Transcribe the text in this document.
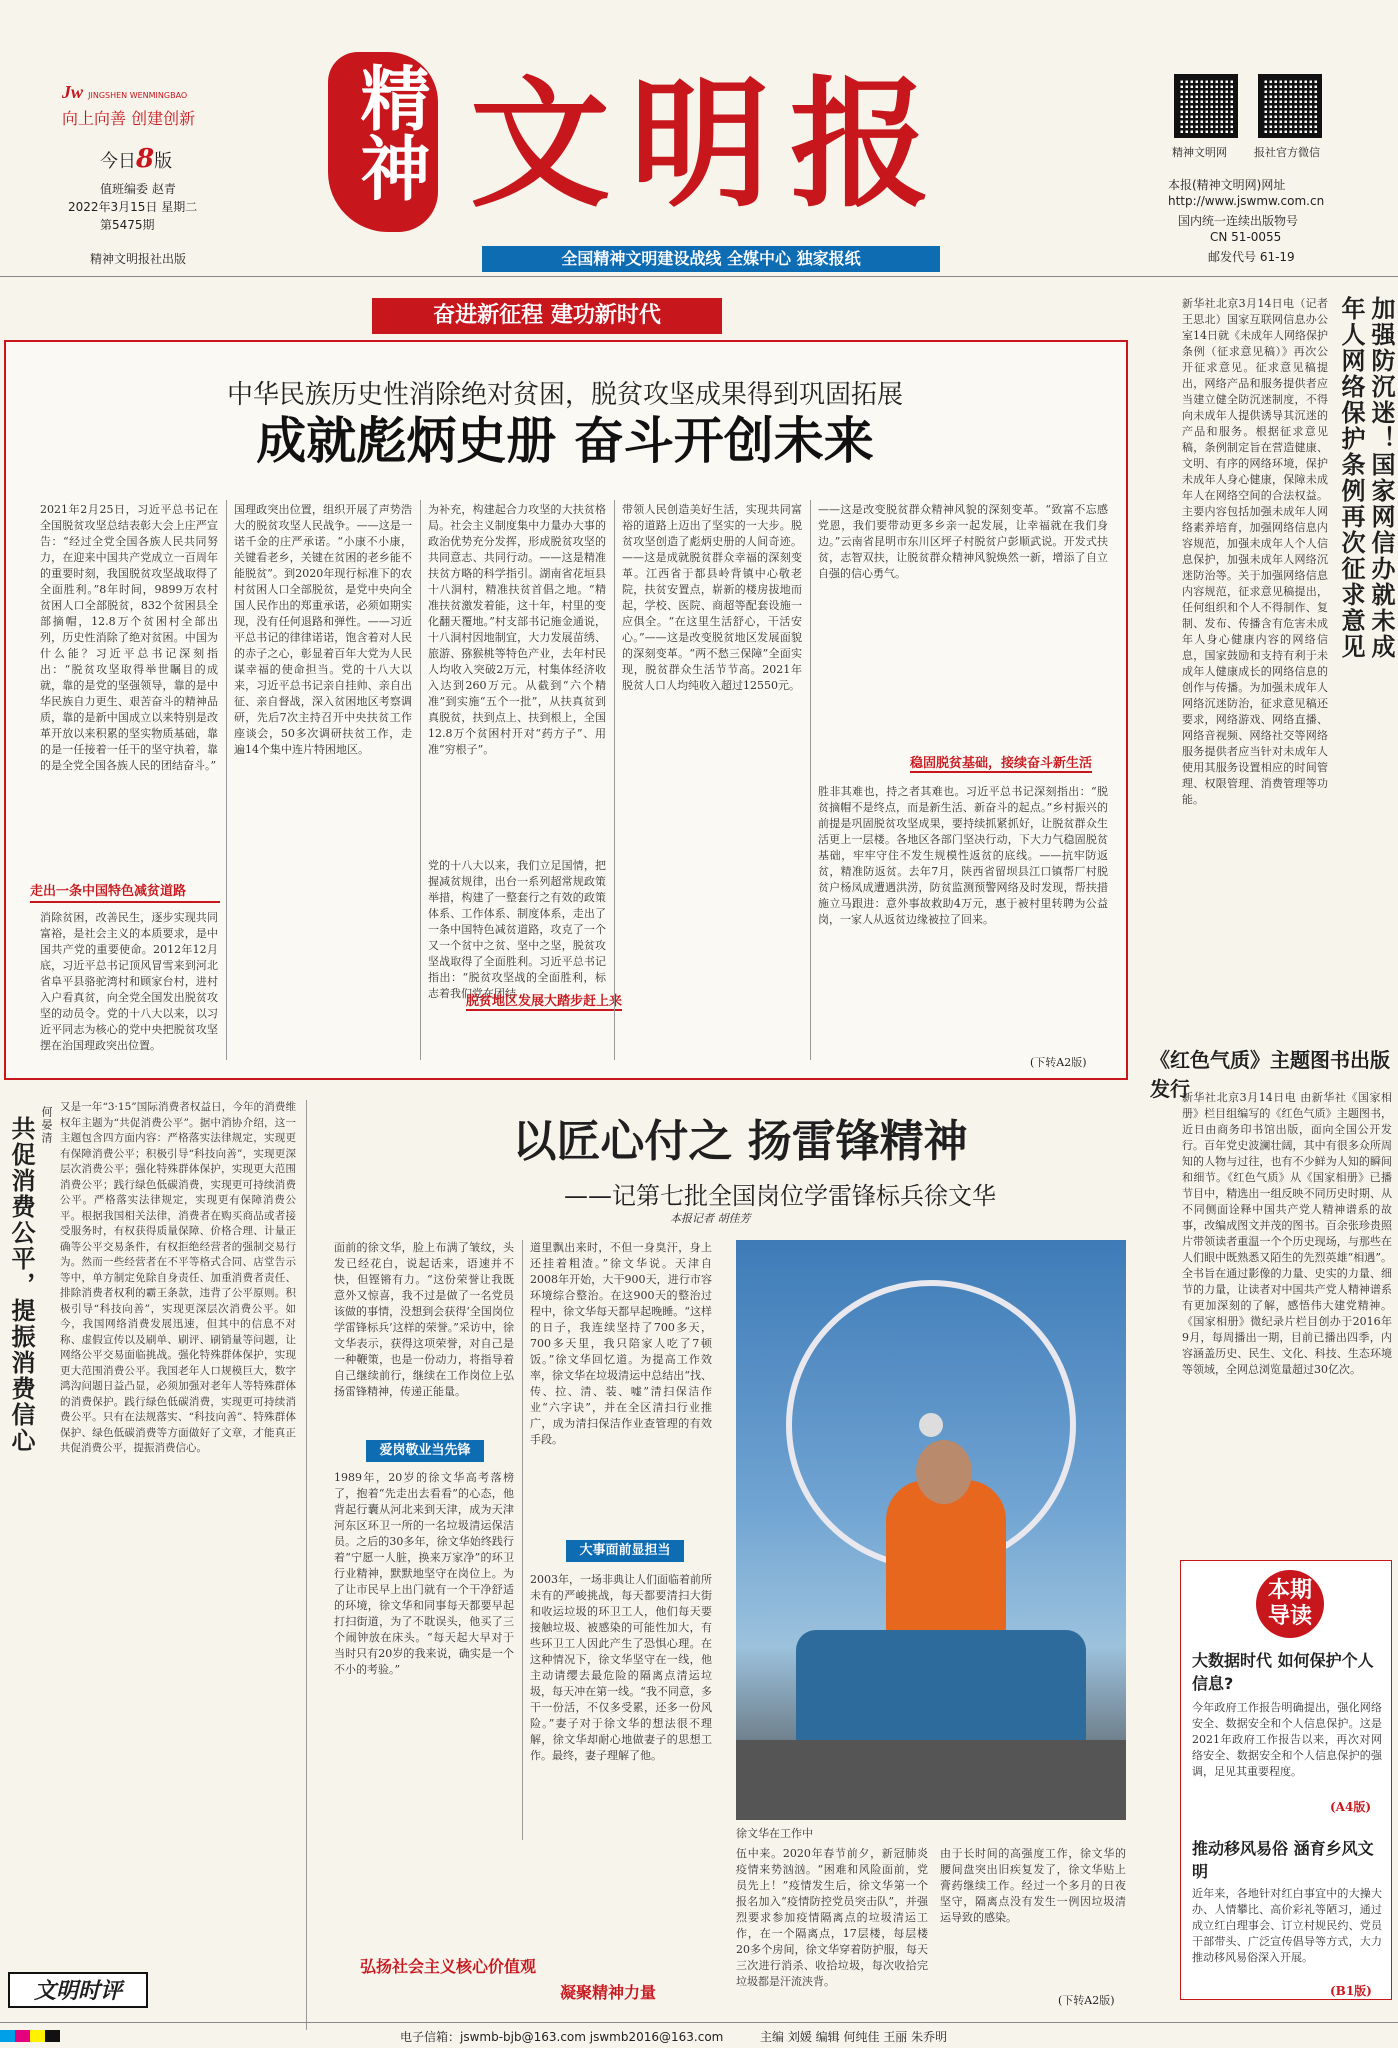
Jw JINGSHEN WENMINGBAO
向上向善 创建创新
今日8版
值班编委 赵青
2022年3月15日 星期二
第5475期
精神文明报社出版
精神 文明报
全国精神文明建设战线 全媒中心 独家报纸
精神文明网 报社官方微信
本报(精神文明网)网址
http://www.jswmw.com.cn
国内统一连续出版物号
CN 51-0055
邮发代号 61-19
奋进新征程 建功新时代
中华民族历史性消除绝对贫困，脱贫攻坚成果得到巩固拓展
成就彪炳史册 奋斗开创未来
2021年2月25日，习近平总书记在全国脱贫攻坚总结表彰大会上庄严宣告：“经过全党全国各族人民共同努力，在迎来中国共产党成立一百周年的重要时刻，我国脱贫攻坚战取得了全面胜利。”8年时间，9899万农村贫困人口全部脱贫，832个贫困县全部摘帽，12.8万个贫困村全部出列，历史性消除了绝对贫困。中国为什么能？习近平总书记深刻指出：“脱贫攻坚取得举世瞩目的成就，靠的是党的坚强领导，靠的是中华民族自力更生、艰苦奋斗的精神品质，靠的是新中国成立以来特别是改革开放以来积累的坚实物质基础，靠的是一任接着一任干的坚守执着，靠的是全党全国各族人民的团结奋斗。”
走出一条中国特色减贫道路
消除贫困，改善民生，逐步实现共同富裕，是社会主义的本质要求，是中国共产党的重要使命。2012年12月底，习近平总书记顶风冒雪来到河北省阜平县骆驼湾村和顾家台村，进村入户看真贫，向全党全国发出脱贫攻坚的动员令。党的十八大以来，以习近平同志为核心的党中央把脱贫攻坚摆在治国理政突出位置。
国理政突出位置，组织开展了声势浩大的脱贫攻坚人民战争。——这是一诺千金的庄严承诺。“小康不小康，关键看老乡，关键在贫困的老乡能不能脱贫”。到2020年现行标准下的农村贫困人口全部脱贫，是党中央向全国人民作出的郑重承诺，必须如期实现，没有任何退路和弹性。——习近平总书记的律律诺诺，饱含着对人民的赤子之心，彰显着百年大党为人民谋幸福的使命担当。党的十八大以来，习近平总书记亲自挂帅、亲自出征、亲自督战，深入贫困地区考察调研，先后7次主持召开中央扶贫工作座谈会，50多次调研扶贫工作，走遍14个集中连片特困地区。
为补充，构建起合力攻坚的大扶贫格局。社会主义制度集中力量办大事的政治优势充分发挥，形成脱贫攻坚的共同意志、共同行动。——这是精准扶贫方略的科学指引。湖南省花垣县十八洞村，精准扶贫首倡之地。“精准扶贫激发着能，这十年，村里的变化翻天覆地。”村支部书记施金通说，十八洞村因地制宜，大力发展苗绣、旅游、猕猴桃等特色产业，去年村民人均收入突破2万元，村集体经济收入达到260万元。从截到“六个精准”到实施“五个一批”，从扶真贫到真脱贫，扶到点上、扶到根上，全国12.8万个贫困村开对“药方子”、用准“穷根子”。
党的十八大以来，我们立足国情，把握减贫规律，出台一系列超常规政策举措，构建了一整套行之有效的政策体系、工作体系、制度体系，走出了一条中国特色减贫道路，攻克了一个又一个贫中之贫、坚中之坚，脱贫攻坚战取得了全面胜利。习近平总书记指出：“脱贫攻坚战的全面胜利，标志着我们党在团结
脱贫地区发展大踏步赶上来
带领人民创造美好生活，实现共同富裕的道路上迈出了坚实的一大步。脱贫攻坚创造了彪炳史册的人间奇迹。——这是成就脱贫群众幸福的深刻变革。江西省于都县岭背镇中心敬老院，扶贫安置点，崭新的楼房拔地而起，学校、医院、商超等配套设施一应俱全。“在这里生活舒心，干活安心。”——这是改变脱贫地区发展面貌的深刻变革。“两不愁三保障”全面实现，脱贫群众生活节节高。2021年脱贫人口人均纯收入超过12550元。
——这是改变脱贫群众精神风貌的深刻变革。“致富不忘感党恩，我们要带动更多乡亲一起发展，让幸福就在我们身边。”云南省昆明市东川区坪子村脱贫户彭顺武说。开发式扶贫，志智双扶，让脱贫群众精神风貌焕然一新，增添了自立自强的信心勇气。
稳固脱贫基础，接续奋斗新生活
胜非其难也，持之者其难也。习近平总书记深刻指出：“脱贫摘帽不是终点，而是新生活、新奋斗的起点。”乡村振兴的前提是巩固脱贫攻坚成果，要持续抓紧抓好，让脱贫群众生活更上一层楼。各地区各部门坚决行动，下大力气稳固脱贫基础，牢牢守住不发生规模性返贫的底线。——抗牢防返贫，精准防返贫。去年7月，陕西省留坝县江口镇帮厂村脱贫户杨凤成遭遇洪涝，防贫监测预警网络及时发现，帮扶措施立马跟进：意外事故救助4万元，惠于被村里转聘为公益岗，一家人从返贫边缘被拉了回来。
(下转A2版)
加强防沉迷！国家网信办就未成年人网络保护条例再次征求意见
新华社北京3月14日电（记者 王思北）国家互联网信息办公室14日就《未成年人网络保护条例（征求意见稿）》再次公开征求意见。征求意见稿提出，网络产品和服务提供者应当建立健全防沉迷制度，不得向未成年人提供诱导其沉迷的产品和服务。根据征求意见稿，条例制定旨在营造健康、文明、有序的网络环境，保护未成年人身心健康，保障未成年人在网络空间的合法权益。主要内容包括加强未成年人网络素养培育，加强网络信息内容规范，加强未成年人个人信息保护，加强未成年人网络沉迷防治等。关于加强网络信息内容规范，征求意见稿提出，任何组织和个人不得制作、复制、发布、传播含有危害未成年人身心健康内容的网络信息，国家鼓励和支持有利于未成年人健康成长的网络信息的创作与传播。为加强未成年人网络沉迷防治，征求意见稿还要求，网络游戏、网络直播、网络音视频、网络社交等网络服务提供者应当针对未成年人使用其服务设置相应的时间管理、权限管理、消费管理等功能。
《红色气质》主题图书出版发行
新华社北京3月14日电 由新华社《国家相册》栏目组编写的《红色气质》主题图书，近日由商务印书馆出版，面向全国公开发行。百年党史波澜壮阔，其中有很多众所周知的人物与过往，也有不少鲜为人知的瞬间和细节。《红色气质》从《国家相册》已播节目中，精选出一组反映不同历史时期、从不同侧面诠释中国共产党人精神谱系的故事，改编成图文并茂的图书。百余张珍贵照片带领读者重温一个个历史现场，与那些在人们眼中既熟悉又陌生的先烈英雄“相遇”。全书旨在通过影像的力量、史实的力量、细节的力量，让读者对中国共产党人精神谱系有更加深刻的了解，感悟伟大建党精神。《国家相册》微纪录片栏目创办于2016年9月，每周播出一期，目前已播出四季，内容涵盖历史、民生、文化、科技、生态环境等领域，全网总浏览量超过30亿次。
本期导读
大数据时代 如何保护个人信息?
今年政府工作报告明确提出，强化网络安全、数据安全和个人信息保护。这是2021年政府工作报告以来，再次对网络安全、数据安全和个人信息保护的强调，足见其重要程度。
(A4版)
推动移风易俗 涵育乡风文明
近年来，各地针对红白事宜中的大操大办、人情攀比、高价彩礼等陋习，通过成立红白理事会、订立村规民约、党员干部带头、广泛宣传倡导等方式，大力推动移风易俗深入开展。
(B1版)
共促消费公平，提振消费信心 何晏清 又是一年“3·15”国际消费者权益日，今年的消费维权年主题为“共促消费公平”。据中消协介绍，这一主题包含四方面内容：严格落实法律规定，实现更有保障消费公平；积极引导“科技向善”，实现更深层次消费公平；强化特殊群体保护，实现更大范围消费公平；践行绿色低碳消费，实现更可持续消费公平。严格落实法律规定，实现更有保障消费公平。根据我国相关法律，消费者在购买商品或者接受服务时，有权获得质量保障、价格合理、计量正确等公平交易条件，有权拒绝经营者的强制交易行为。然而一些经营者在不平等格式合同、店堂告示等中，单方制定免除自身责任、加重消费者责任、排除消费者权利的霸王条款，违背了公平原则。积极引导“科技向善”，实现更深层次消费公平。如今，我国网络消费发展迅速，但其中的信息不对称、虚假宣传以及刷单、刷评、刷销量等问题，让网络公平交易面临挑战。强化特殊群体保护，实现更大范围消费公平。我国老年人口规模巨大，数字鸿沟问题日益凸显，必须加强对老年人等特殊群体的消费保护。践行绿色低碳消费，实现更可持续消费公平。只有在法规落实、“科技向善”、特殊群体保护、绿色低碳消费等方面做好了文章，才能真正共促消费公平，提振消费信心。
文明时评
以匠心付之 扬雷锋精神
——记第七批全国岗位学雷锋标兵徐文华
本报记者 胡佳芳
面前的徐文华，脸上布满了皱纹，头发已经花白，说起话来，语速并不快，但铿锵有力。“这份荣誉让我既意外又惊喜，我不过是做了一名党员该做的事情，没想到会获得‘全国岗位学雷锋标兵’这样的荣誉。”采访中，徐文华表示，获得这项荣誉，对自己是一种鞭策，也是一份动力，将指导着自己继续前行，继续在工作岗位上弘扬雷锋精神，传递正能量。
爱岗敬业当先锋
1989年，20岁的徐文华高考落榜了，抱着“先走出去看看”的心态，他背起行囊从河北来到天津，成为天津河东区环卫一所的一名垃圾清运保洁员。之后的30多年，徐文华始终践行着“宁愿一人脏，换来万家净”的环卫行业精神，默默地坚守在岗位上。为了让市民早上出门就有一个干净舒适的环境，徐文华和同事每天都要早起打扫街道，为了不耽误头，他买了三个闹钟放在床头。“每天起大早对于当时只有20岁的我来说，确实是一个不小的考验。”
道里飘出来时，不但一身臭汗，身上还挂着粗渣。”徐文华说。天津自2008年开始，大干900天，进行市容环境综合整治。在这900天的整治过程中，徐文华每天都早起晚睡。“这样的日子，我连续坚持了700多天，700多天里，我只陪家人吃了7顿饭。”徐文华回忆道。为提高工作效率，徐文华在垃圾清运中总结出“找、传、拉、清、装、嘘”清扫保洁作业“六字诀”，并在全区清扫行业推广，成为清扫保洁作业查管理的有效手段。
大事面前显担当
2003年，一场非典让人们面临着前所未有的严峻挑战，每天都要清扫大街和收运垃圾的环卫工人，他们每天要接触垃圾、被感染的可能性加大，有些环卫工人因此产生了恐惧心理。在这种情况下，徐文华坚守在一线，他主动请缨去最危险的隔离点清运垃圾，每天冲在第一线。“我不同意，多干一份活，不仅多受累，还多一份风险。”妻子对于徐文华的想法很不理解，徐文华却耐心地做妻子的思想工作。最终，妻子理解了他。
徐文华在工作中
伍中来。2020年春节前夕，新冠肺炎疫情来势汹汹。“困难和风险面前，党员先上！”疫情发生后，徐文华第一个报名加入“疫情防控党员突击队”，并强烈要求参加疫情隔离点的垃圾清运工作，在一个隔离点，17层楼，每层楼20多个房间，徐文华穿着防护服，每天三次进行消杀、收拾垃圾，每次收拾完垃圾都是汗流浃背。
由于长时间的高强度工作，徐文华的腰间盘突出旧疾复发了，徐文华贴上膏药继续工作。经过一个多月的日夜坚守，隔离点没有发生一例因垃圾清运导致的感染。
(下转A2版)
弘扬社会主义核心价值观
凝聚精神力量
电子信箱：jswmb-bjb@163.com jswmb2016@163.com	主编 刘媛 编辑 何纯佳 王丽 朱乔明
